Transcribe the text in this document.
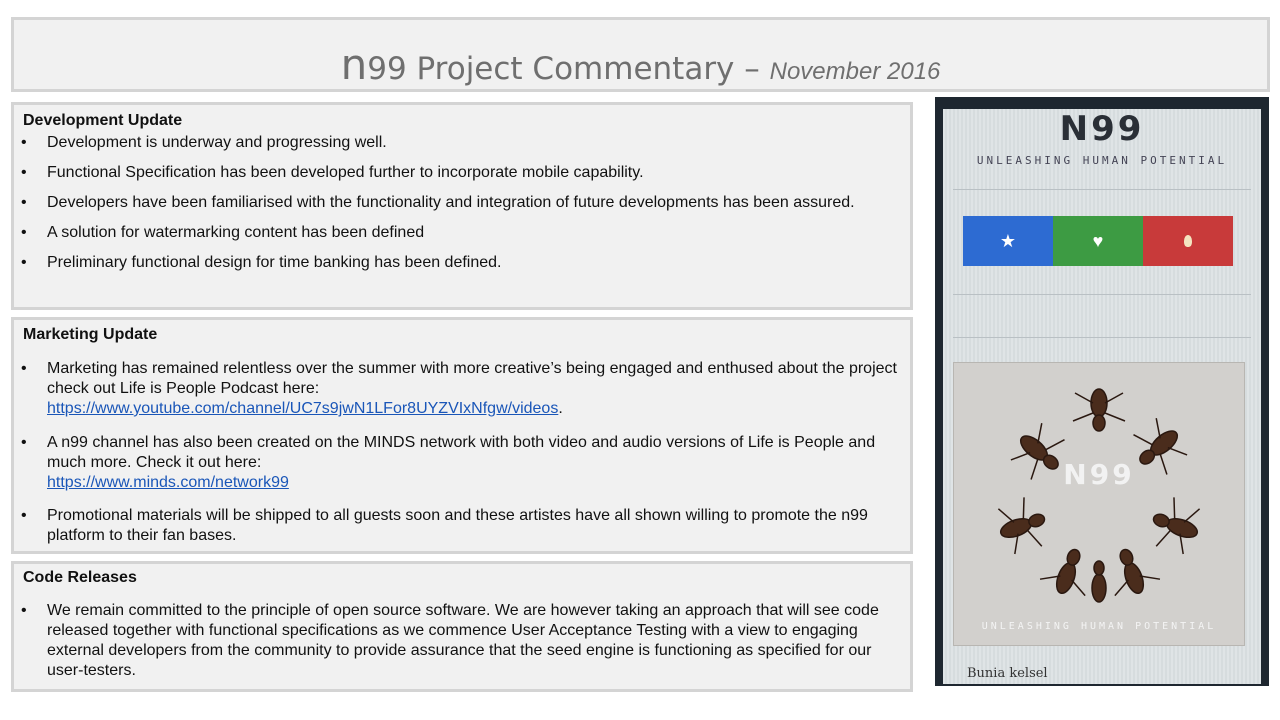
n99 Project Commentary – November 2016
Development Update
• Development is underway and progressing well.
• Functional Specification has been developed further to incorporate mobile capability.
• Developers have been familiarised with the functionality and integration of future developments has been assured.
• A solution for watermarking content has been defined
• Preliminary functional design for time banking has been defined.
Marketing Update
• Marketing has remained relentless over the summer with more creative’s being engaged and enthused about the project check out Life is People Podcast here:
https://www.youtube.com/channel/UC7s9jwN1LFor8UYZVIxNfgw/videos.
• A n99 channel has also been created on the MINDS network with both video and audio versions of Life is People and much more. Check it out here:
https://www.minds.com/network99
• Promotional materials will be shipped to all guests soon and these artistes have all shown willing to promote the n99 platform to their fan bases.
Code Releases
• We remain committed to the principle of open source software. We are however taking an approach that will see code released together with functional specifications as we commence User Acceptance Testing with a view to engaging external developers from the community to provide assurance that the seed engine is functioning as specified for our user-testers.
N99
UNLEASHING HUMAN POTENTIAL
★	♥
N99
UNLEASHING HUMAN POTENTIAL
Bunia kelsel
